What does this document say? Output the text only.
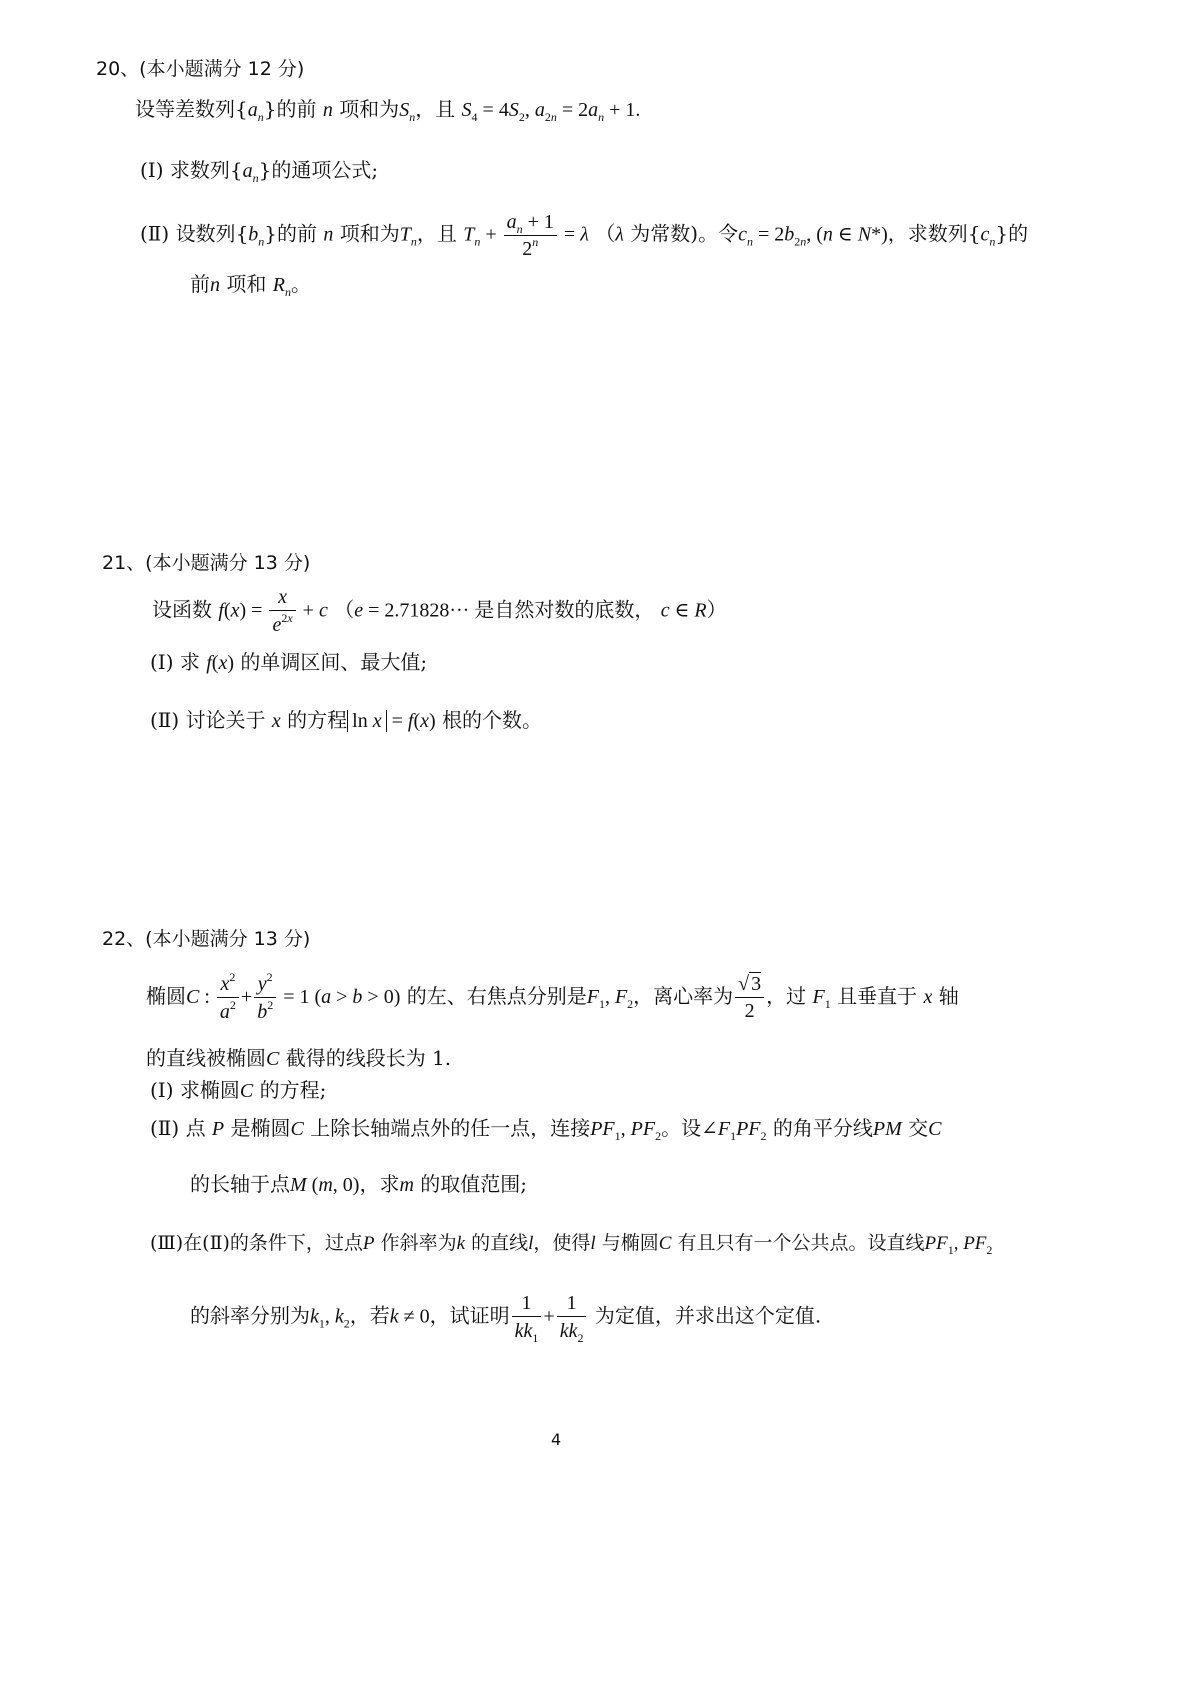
20、(本小题满分 12 分)
设等差数列$\{a_n\}$的前 n 项和为$S_n$，且 $S_4 = 4S_2$, $a_{2n} = 2a_n + 1$.
(Ⅰ) 求数列$\{a_n\}$的通项公式;
(Ⅱ) 设数列$\{b_n\}$的前 n 项和为$T_n$，且 $T_n + \frac{a_n + 1}{2^n} = \lambda$ （λ 为常数)。令$c_n = 2b_{2n}$, (n ∈ N*)，求数列$\{c_n\}$的
前n 项和 $R_n$。
21、(本小题满分 13 分)
设函数 $f(x) = \frac{x}{e^{2x}} + c$ （e = 2.71828··· 是自然对数的底数， c ∈ R）
(Ⅰ) 求 f(x) 的单调区间、最大值;
(Ⅱ) 讨论关于 x 的方程 ln x = f(x) 根的个数。
22、(本小题满分 13 分)
椭圆C : $\frac{x^2}{a^2} + \frac{y^2}{b^2} = 1$ (a > b > 0) 的左、右焦点分别是$F_1$, $F_2$，离心率为 $\frac{√ 3}{2}$ ，过 $F_1$ 且垂直于 x 轴
的直线被椭圆C 截得的线段长为 1.
(Ⅰ) 求椭圆C 的方程;
(Ⅱ) 点 P 是椭圆C 上除长轴端点外的任一点，连接$PF_1$, $PF_2$。设$\angle F_1PF_2$ 的角平分线PM 交C
的长轴于点M (m, 0)，求m 的取值范围;
(Ⅲ)在(Ⅱ)的条件下，过点P 作斜率为k 的直线l，使得l 与椭圆C 有且只有一个公共点。设直线$PF_1$, $PF_2$
的斜率分别为$k_1$, $k_2$，若k ≠ 0，试证明 $\frac{1}{kk_1} + \frac{1}{kk_2}$ 为定值，并求出这个定值.
4
